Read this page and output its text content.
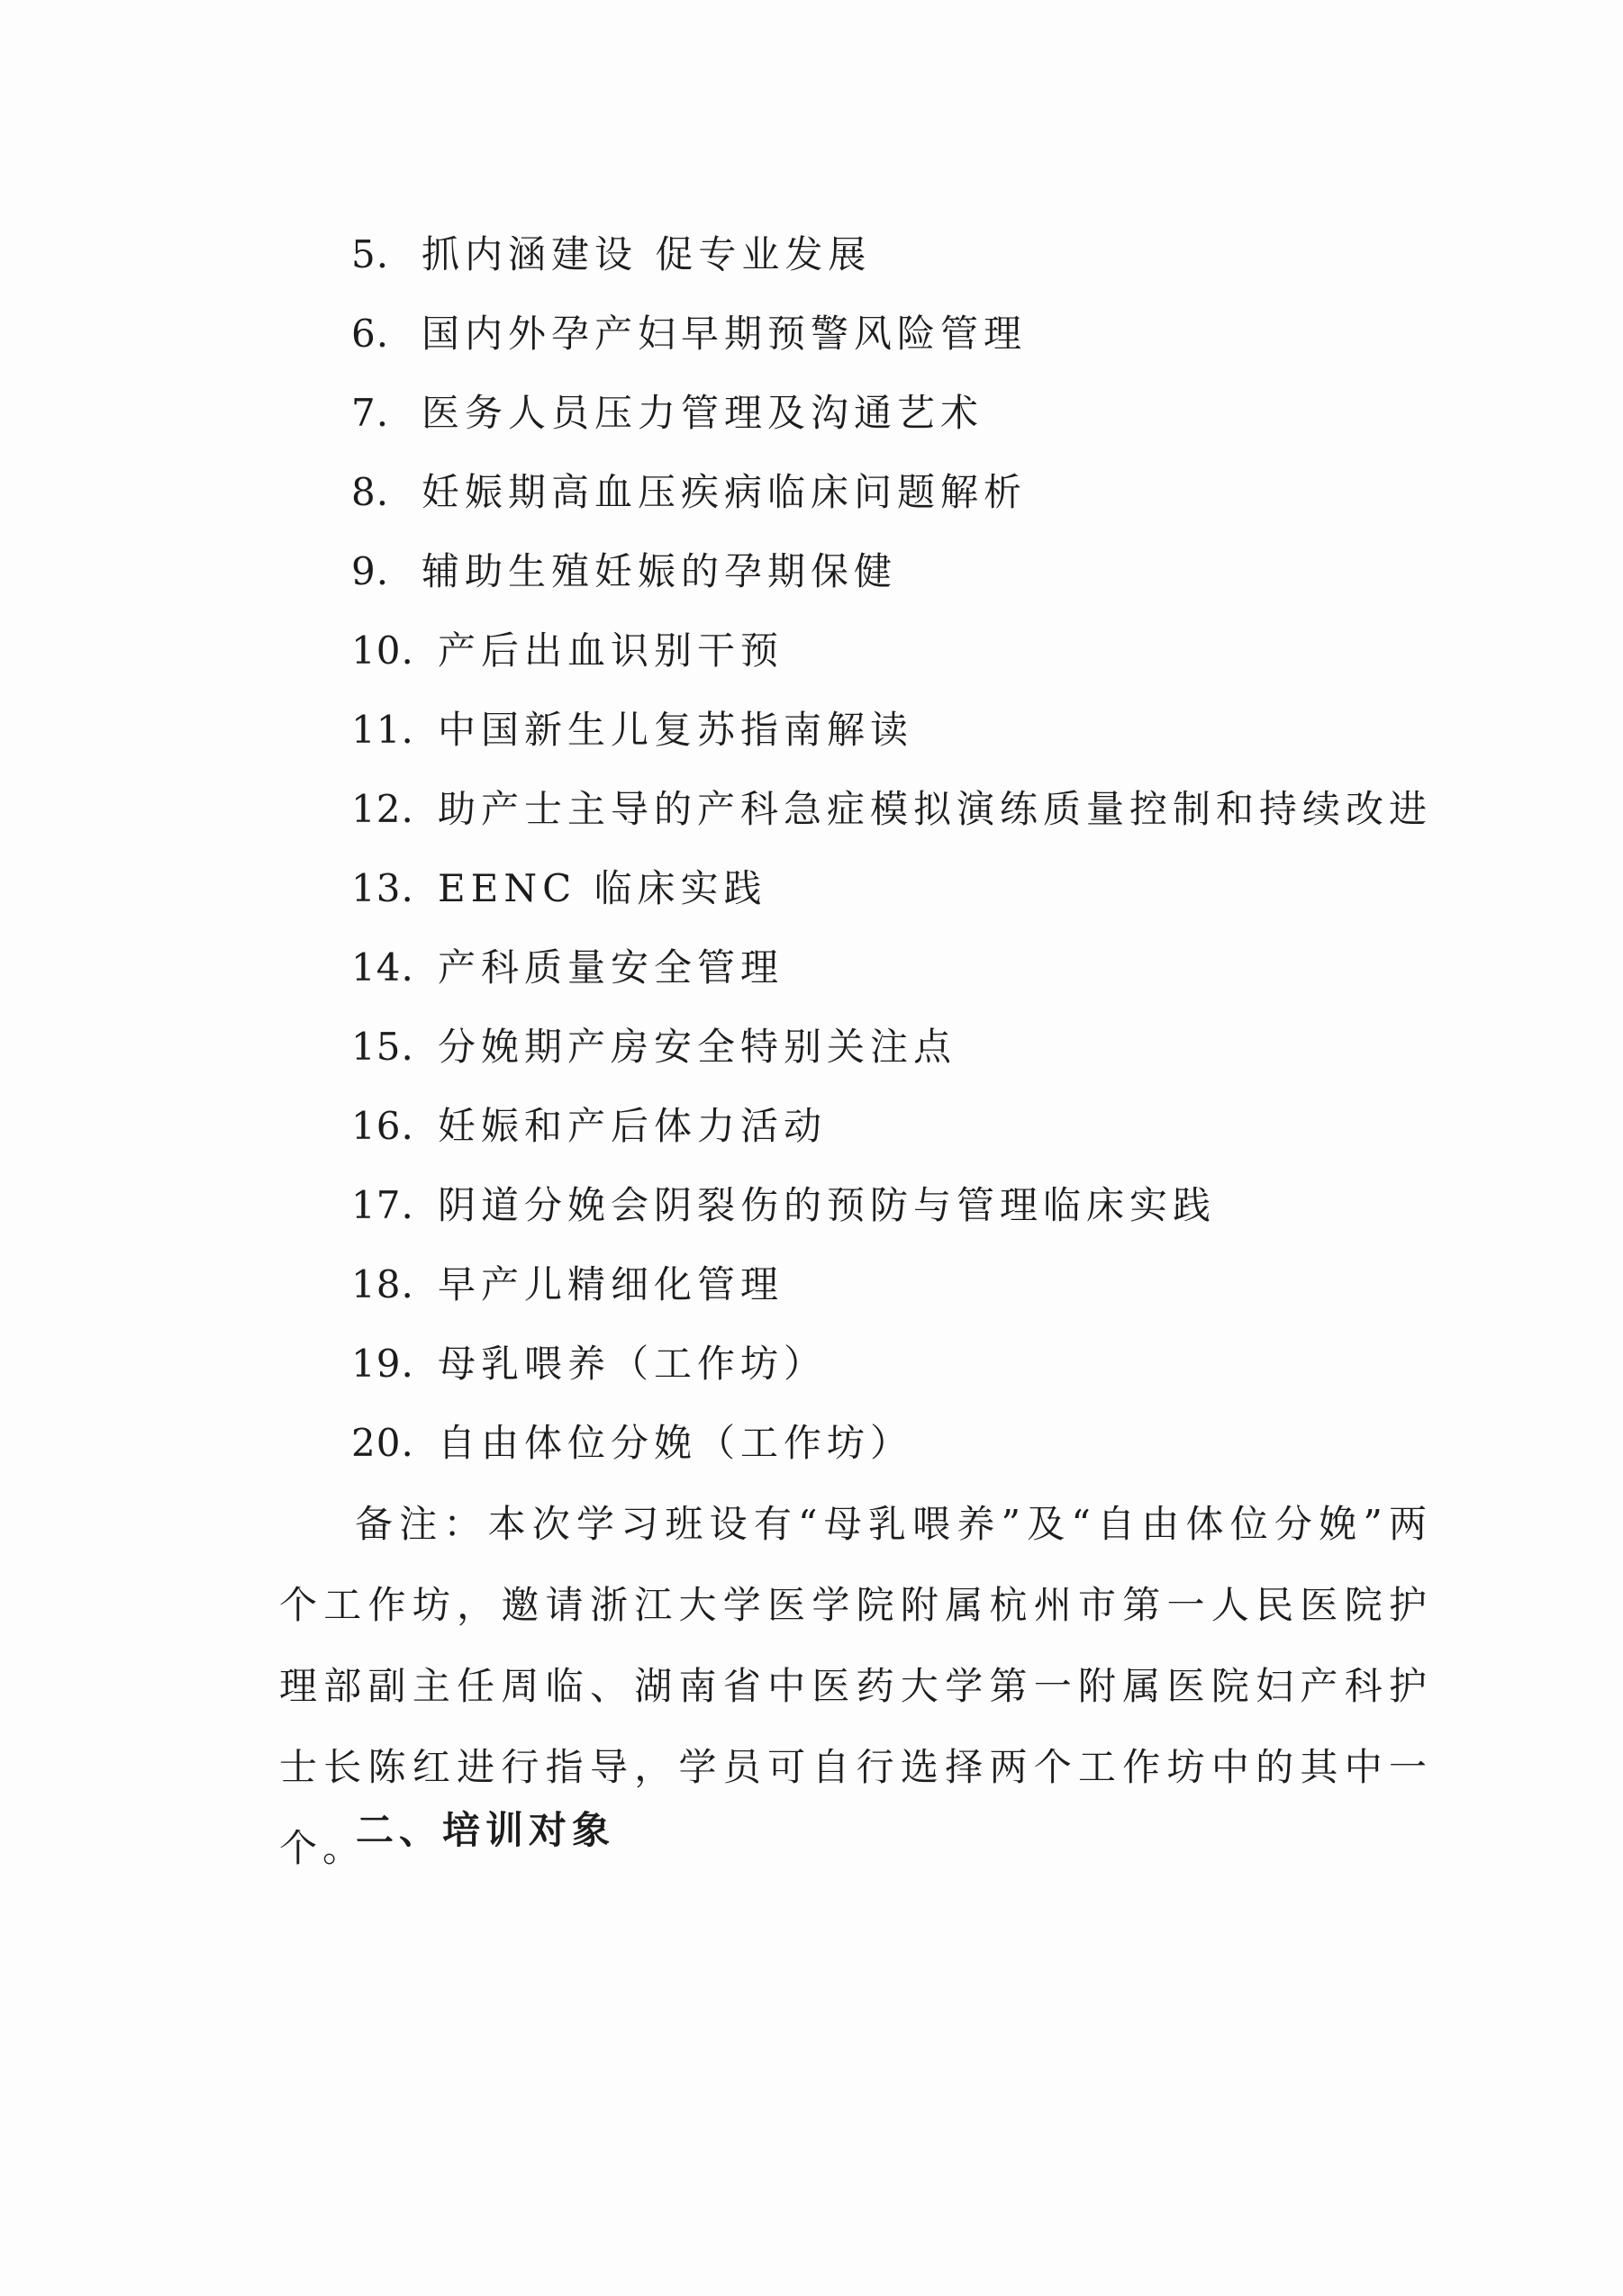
5. 抓内涵建设 促专业发展
6. 国内外孕产妇早期预警风险管理
7. 医务人员压力管理及沟通艺术
8. 妊娠期高血压疾病临床问题解析
9. 辅助生殖妊娠的孕期保健
10. 产后出血识别干预
11. 中国新生儿复苏指南解读
12. 助产士主导的产科急症模拟演练质量控制和持续改进
13. EENC 临床实践
14. 产科质量安全管理
15. 分娩期产房安全特别关注点
16. 妊娠和产后体力活动
17. 阴道分娩会阴裂伤的预防与管理临床实践
18. 早产儿精细化管理
19. 母乳喂养（工作坊）
20. 自由体位分娩（工作坊）

备注：本次学习班设有“母乳喂养”及“自由体位分娩”两个工作坊，邀请浙江大学医学院附属杭州市第一人民医院护理部副主任周临、湖南省中医药大学第一附属医院妇产科护士长陈红进行指导，学员可自行选择两个工作坊中的其中一个。

二、培训对象
